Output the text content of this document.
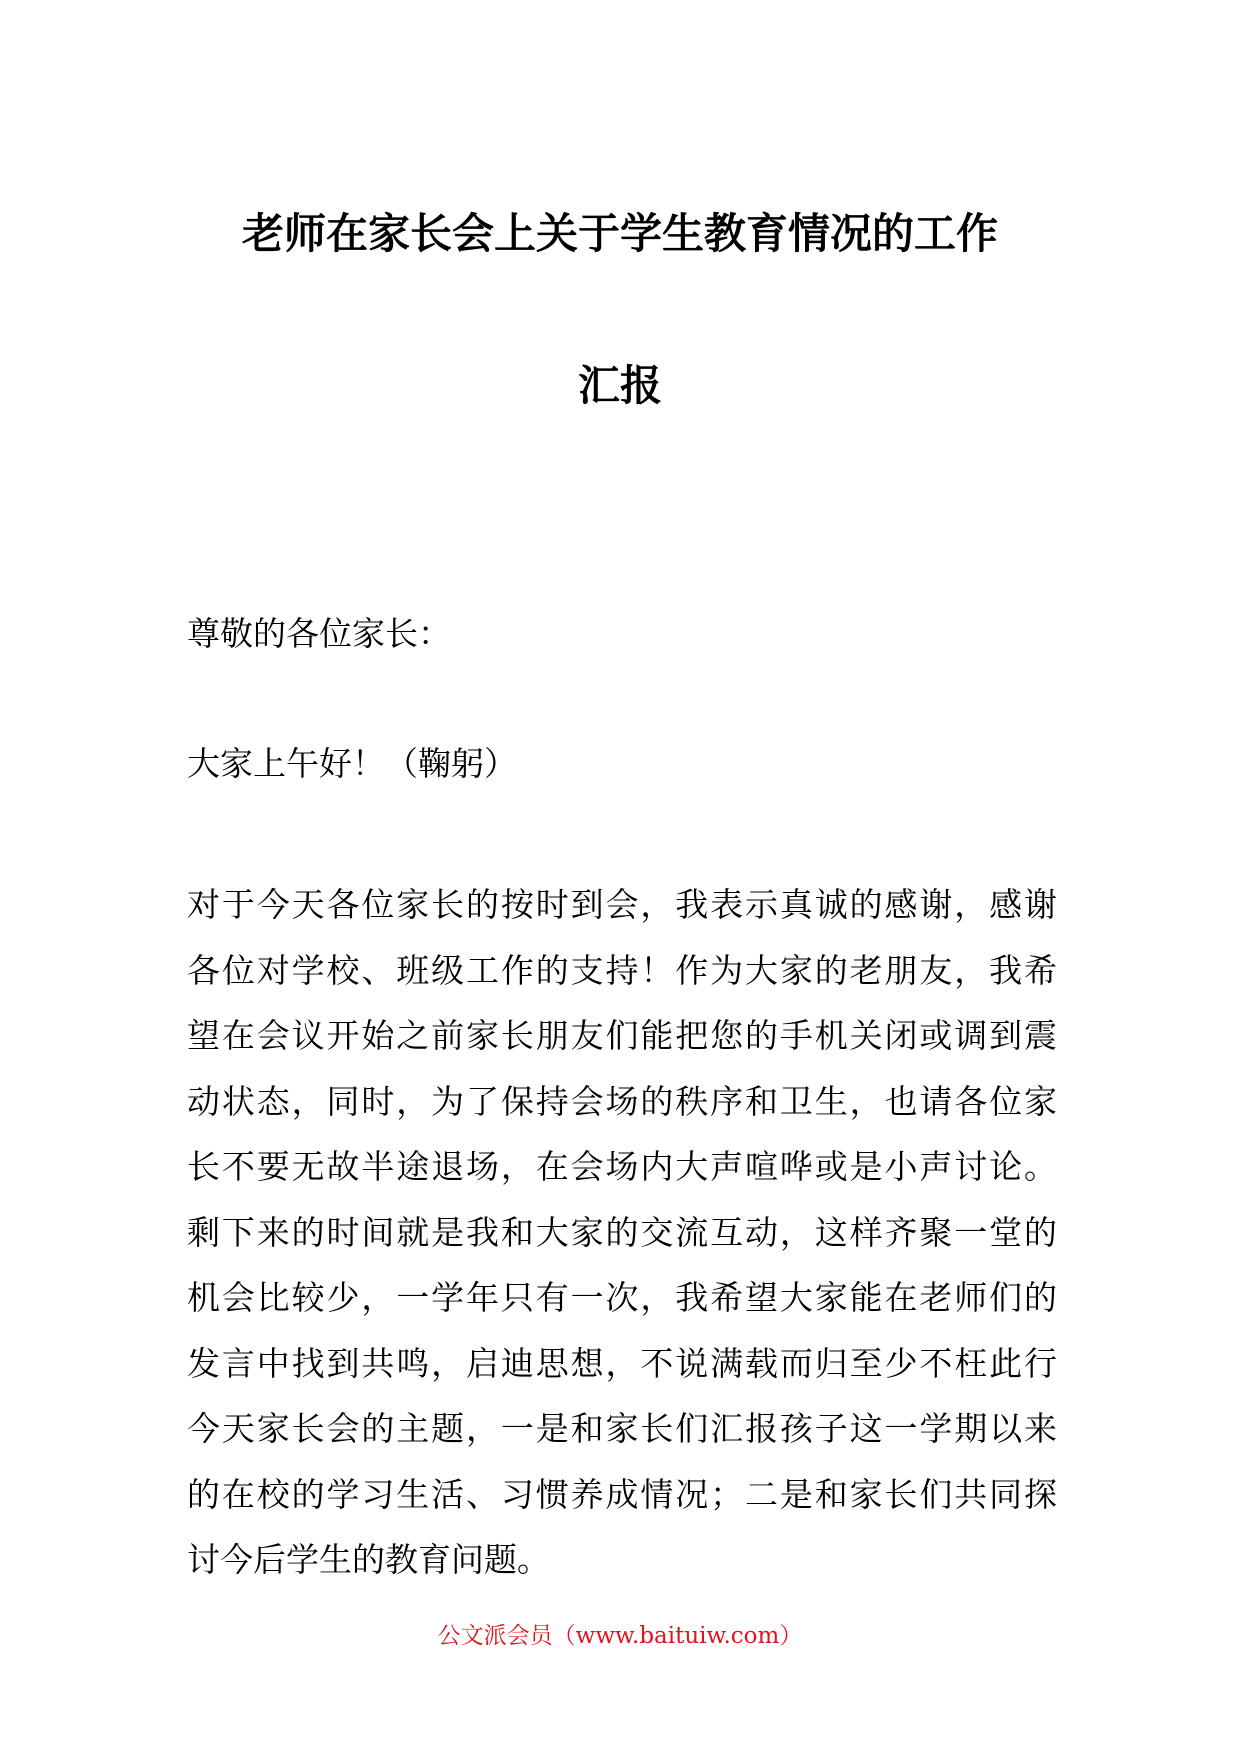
老师在家长会上关于学生教育情况的工作
汇报
尊敬的各位家长：
大家上午好！（鞠躬）
对于今天各位家长的按时到会，我表示真诚的感谢，感谢
各位对学校、班级工作的支持！作为大家的老朋友，我希
望在会议开始之前家长朋友们能把您的手机关闭或调到震
动状态，同时，为了保持会场的秩序和卫生，也请各位家
长不要无故半途退场，在会场内大声喧哗或是小声讨论。
剩下来的时间就是我和大家的交流互动，这样齐聚一堂的
机会比较少，一学年只有一次，我希望大家能在老师们的
发言中找到共鸣，启迪思想，不说满载而归至少不枉此行
今天家长会的主题，一是和家长们汇报孩子这一学期以来
的在校的学习生活、习惯养成情况；二是和家长们共同探
讨今后学生的教育问题。
公文派会员（www.baituiw.com）
